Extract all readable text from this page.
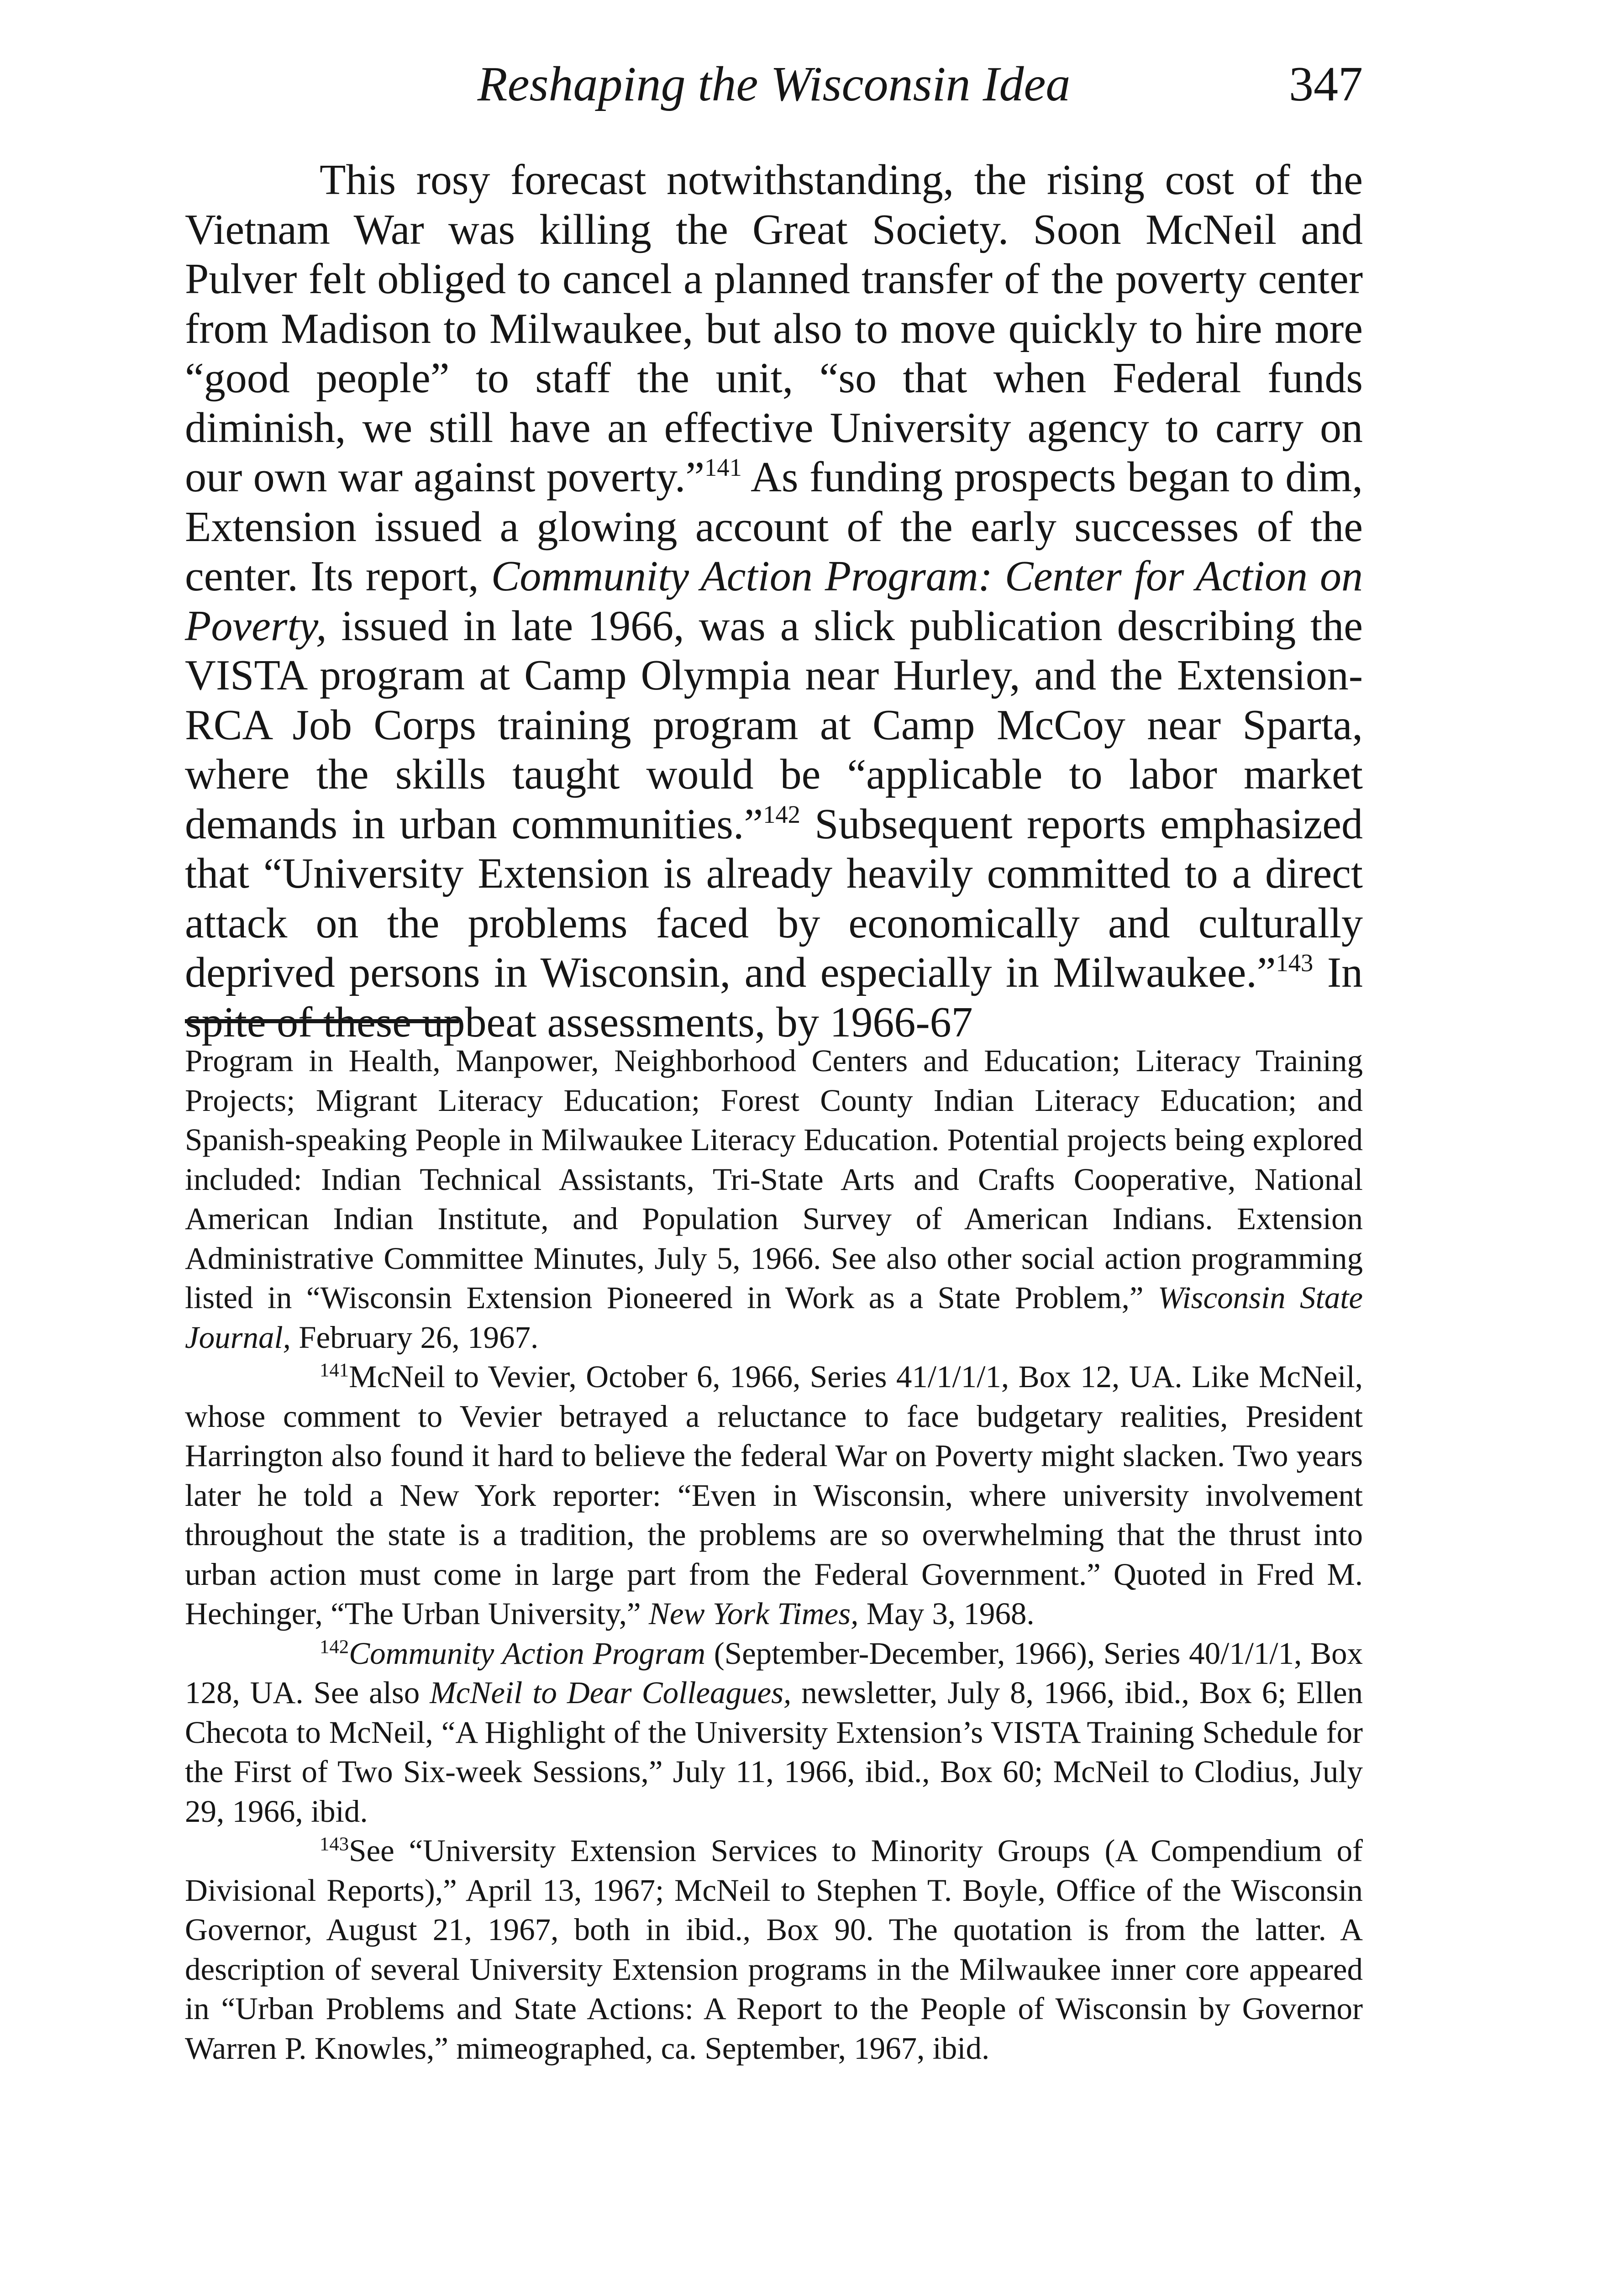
Reshaping the Wisconsin Idea	347

This rosy forecast notwithstanding, the rising cost of the Vietnam War was killing the Great Society. Soon McNeil and Pulver felt obliged to cancel a planned transfer of the poverty center from Madison to Milwaukee, but also to move quickly to hire more “good people” to staff the unit, “so that when Federal funds diminish, we still have an effective University agency to carry on our own war against poverty.”$^{141}$ As funding prospects began to dim, Extension issued a glowing account of the early successes of the center. Its report, Community Action Program: Center for Action on Poverty, issued in late 1966, was a slick publication describing the VISTA program at Camp Olympia near Hurley, and the Extension-RCA Job Corps training program at Camp McCoy near Sparta, where the skills taught would be “applicable to labor market demands in urban communities.”$^{142}$ Subsequent reports emphasized that “University Extension is already heavily committed to a direct attack on the problems faced by economically and culturally deprived persons in Wisconsin, and especially in Milwaukee.”$^{143}$ In spite of these upbeat assessments, by 1966-67

Program in Health, Manpower, Neighborhood Centers and Education; Literacy Training Projects; Migrant Literacy Education; Forest County Indian Literacy Education; and Spanish-speaking People in Milwaukee Literacy Education. Potential projects being explored included: Indian Technical Assistants, Tri-State Arts and Crafts Cooperative, National American Indian Institute, and Population Survey of American Indians. Extension Administrative Committee Minutes, July 5, 1966. See also other social action programming listed in “Wisconsin Extension Pioneered in Work as a State Problem,” Wisconsin State Journal, February 26, 1967.

$^{141}$McNeil to Vevier, October 6, 1966, Series 41/1/1/1, Box 12, UA. Like McNeil, whose comment to Vevier betrayed a reluctance to face budgetary realities, President Harrington also found it hard to believe the federal War on Poverty might slacken. Two years later he told a New York reporter: “Even in Wisconsin, where university involvement throughout the state is a tradition, the problems are so overwhelming that the thrust into urban action must come in large part from the Federal Government.” Quoted in Fred M. Hechinger, “The Urban University,” New York Times, May 3, 1968.

$^{142}$Community Action Program (September-December, 1966), Series 40/1/1/1, Box 128, UA. See also McNeil to Dear Colleagues, newsletter, July 8, 1966, ibid., Box 6; Ellen Checota to McNeil, “A Highlight of the University Extension’s VISTA Training Schedule for the First of Two Six-week Sessions,” July 11, 1966, ibid., Box 60; McNeil to Clodius, July 29, 1966, ibid.

$^{143}$See “University Extension Services to Minority Groups (A Compendium of Divisional Reports),” April 13, 1967; McNeil to Stephen T. Boyle, Office of the Wisconsin Governor, August 21, 1967, both in ibid., Box 90. The quotation is from the latter. A description of several University Extension programs in the Milwaukee inner core appeared in “Urban Problems and State Actions: A Report to the People of Wisconsin by Governor Warren P. Knowles,” mimeographed, ca. September, 1967, ibid.
